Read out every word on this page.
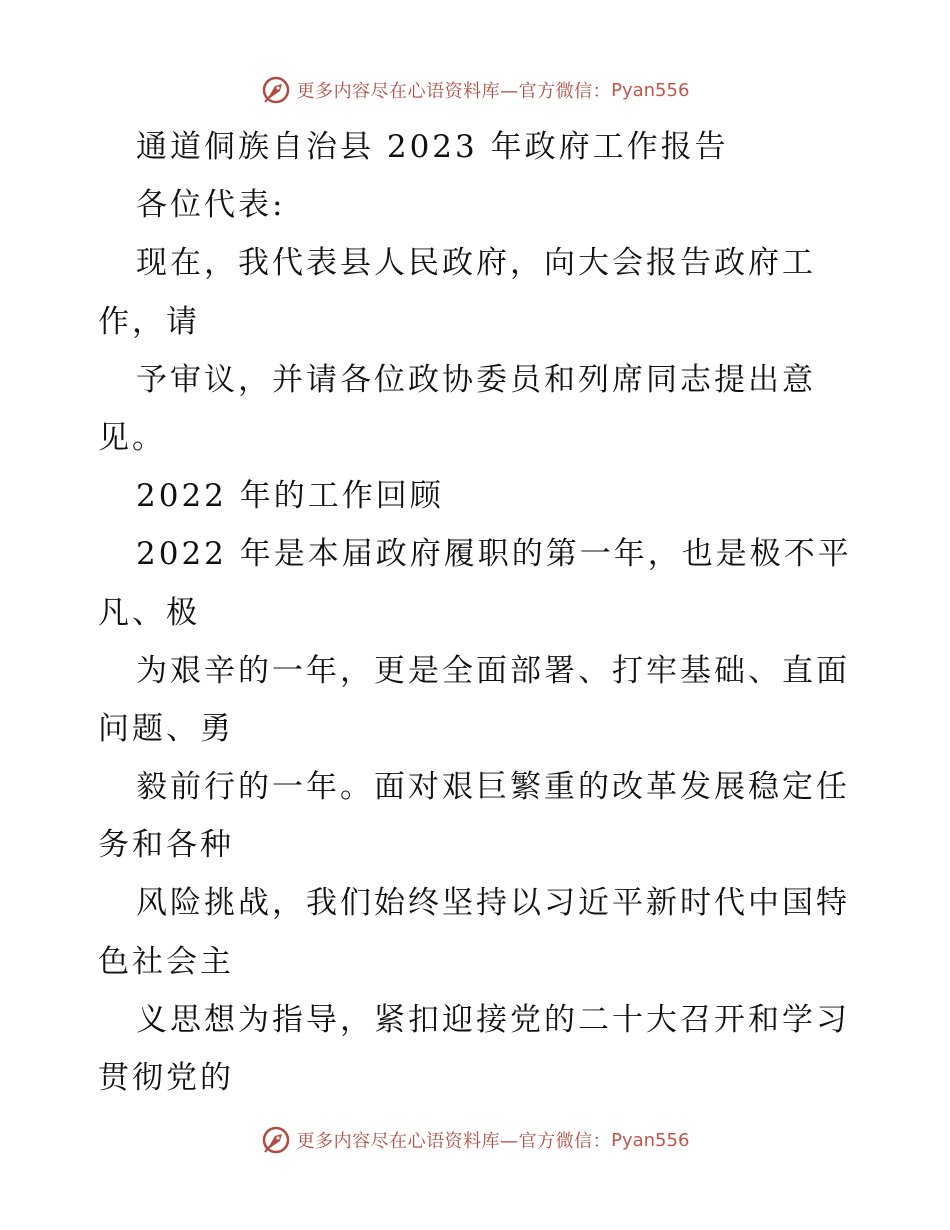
更多内容尽在心语资料库—官方微信： Pyan556
通道侗族自治县 2023 年政府工作报告
各位代表:
现在，我代表县人民政府，向大会报告政府工
作，请
予审议，并请各位政协委员和列席同志提出意
见。
2022 年的工作回顾
2022 年是本届政府履职的第一年，也是极不平
凡、极
为艰辛的一年，更是全面部署、打牢基础、直面
问题、勇
毅前行的一年。面对艰巨繁重的改革发展稳定任
务和各种
风险挑战，我们始终坚持以习近平新时代中国特
色社会主
义思想为指导，紧扣迎接党的二十大召开和学习
贯彻党的
更多内容尽在心语资料库—官方微信： Pyan556
